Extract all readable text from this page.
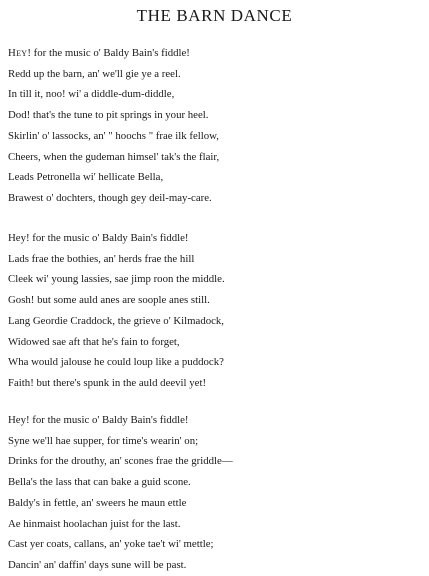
THE BARN DANCE
Hey! for the music o' Baldy Bain's fiddle!
Redd up the barn, an' we'll gie ye a reel.
In till it, noo! wi' a diddle-dum-diddle,
Dod! that's the tune to pit springs in your heel.
Skirlin' o' lassocks, an' " hoochs " frae ilk fellow,
Cheers, when the gudeman himsel' tak's the flair,
Leads Petronella wi' hellicate Bella,
Brawest o' dochters, though gey deil-may-care.
Hey! for the music o' Baldy Bain's fiddle!
Lads frae the bothies, an' herds frae the hill
Cleek wi' young lassies, sae jimp roon the middle.
Gosh! but some auld anes are soople anes still.
Lang Geordie Craddock, the grieve o' Kilmadock,
Widowed sae aft that he's fain to forget,
Wha would jalouse he could loup like a puddock?
Faith! but there's spunk in the auld deevil yet!
Hey! for the music o' Baldy Bain's fiddle!
Syne we'll hae supper, for time's wearin' on;
Drinks for the drouthy, an' scones frae the griddle—
Bella's the lass that can bake a guid scone.
Baldy's in fettle, an' sweers he maun ettle
Ae hinmaist hoolachan juist for the last.
Cast yer coats, callans, an' yoke tae't wi' mettle;
Dancin' an' daffin' days sune will be past.
